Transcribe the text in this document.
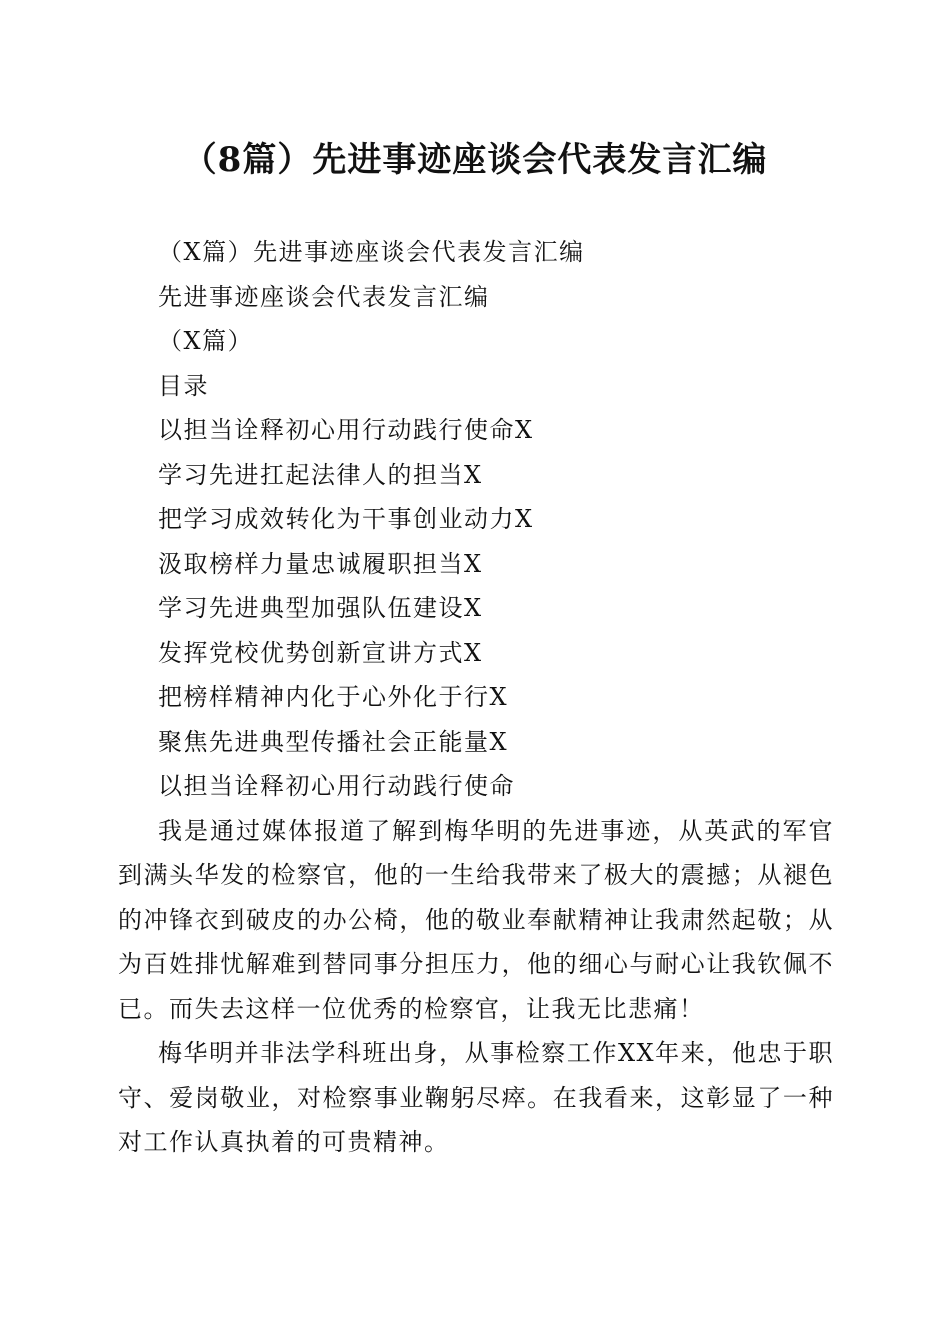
（8篇）先进事迹座谈会代表发言汇编

（X篇）先进事迹座谈会代表发言汇编

先进事迹座谈会代表发言汇编

（X篇）

目录

以担当诠释初心用行动践行使命X

学习先进扛起法律人的担当X

把学习成效转化为干事创业动力X

汲取榜样力量忠诚履职担当X

学习先进典型加强队伍建设X

发挥党校优势创新宣讲方式X

把榜样精神内化于心外化于行X

聚焦先进典型传播社会正能量X

以担当诠释初心用行动践行使命

我是通过媒体报道了解到梅华明的先进事迹，从英武的军官到满头华发的检察官，他的一生给我带来了极大的震撼；从褪色的冲锋衣到破皮的办公椅，他的敬业奉献精神让我肃然起敬；从为百姓排忧解难到替同事分担压力，他的细心与耐心让我钦佩不已。而失去这样一位优秀的检察官，让我无比悲痛！

梅华明并非法学科班出身，从事检察工作XX年来，他忠于职守、爱岗敬业，对检察事业鞠躬尽瘁。在我看来，这彰显了一种对工作认真执着的可贵精神。
